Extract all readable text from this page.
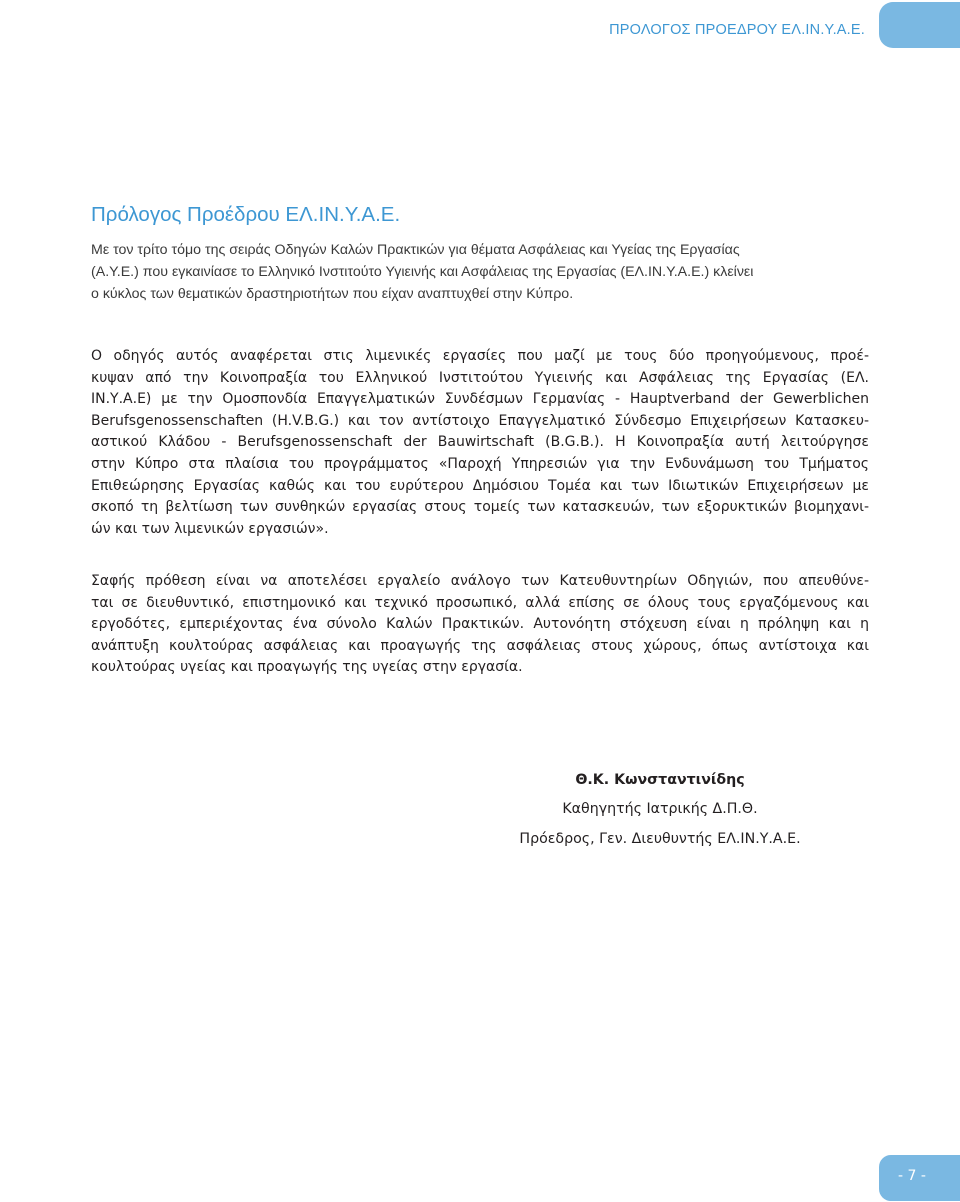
ΠΡΟΛΟΓΟΣ ΠΡΟΕΔΡΟΥ ΕΛ.ΙΝ.Υ.Α.Ε.
Πρόλογος Προέδρου ΕΛ.ΙΝ.Υ.Α.Ε.

Με τον τρίτο τόμο της σειράς Οδηγών Καλών Πρακτικών για θέματα Ασφάλειας και Υγείας της Εργασίας
(Α.Υ.Ε.) που εγκαινίασε το Ελληνικό Ινστιτούτο Υγιεινής και Ασφάλειας της Εργασίας (ΕΛ.ΙΝ.Υ.Α.Ε.) κλείνει
ο κύκλος των θεματικών δραστηριοτήτων που είχαν αναπτυχθεί στην Κύπρο.

Ο οδηγός αυτός αναφέρεται στις λιμενικές εργασίες που μαζί με τους δύο προηγούμενους, προέ-
κυψαν από την Κοινοπραξία του Ελληνικού Ινστιτούτου Υγιεινής και Ασφάλειας της Εργασίας (ΕΛ.
ΙΝ.Υ.Α.Ε) με την Ομοσπονδία Επαγγελματικών Συνδέσμων Γερμανίας - Hauptverband der Gewerblichen
Berufsgenossenschaften (H.V.B.G.) και τον αντίστοιχο Επαγγελματικό Σύνδεσμο Επιχειρήσεων Κατασκευ-
αστικού Κλάδου - Berufsgenossenschaft der Bauwirtschaft (B.G.B.). Η Κοινοπραξία αυτή λειτούργησε
στην Κύπρο στα πλαίσια του προγράμματος «Παροχή Υπηρεσιών για την Ενδυνάμωση του Τμήματος
Επιθεώρησης Εργασίας καθώς και του ευρύτερου Δημόσιου Τομέα και των Ιδιωτικών Επιχειρήσεων με
σκοπό τη βελτίωση των συνθηκών εργασίας στους τομείς των κατασκευών, των εξορυκτικών βιομηχανι-
ών και των λιμενικών εργασιών».

Σαφής πρόθεση είναι να αποτελέσει εργαλείο ανάλογο των Κατευθυντηρίων Οδηγιών, που απευθύνε-
ται σε διευθυντικό, επιστημονικό και τεχνικό προσωπικό, αλλά επίσης σε όλους τους εργαζόμενους και
εργοδότες, εμπεριέχοντας ένα σύνολο Καλών Πρακτικών. Αυτονόητη στόχευση είναι η πρόληψη και η
ανάπτυξη κουλτούρας ασφάλειας και προαγωγής της ασφάλειας στους χώρους, όπως αντίστοιχα και
κουλτούρας υγείας και προαγωγής της υγείας στην εργασία.

Θ.Κ. Κωνσταντινίδης
Καθηγητής Ιατρικής Δ.Π.Θ.
Πρόεδρος, Γεν. Διευθυντής ΕΛ.ΙΝ.Υ.Α.Ε.
- 7 -
